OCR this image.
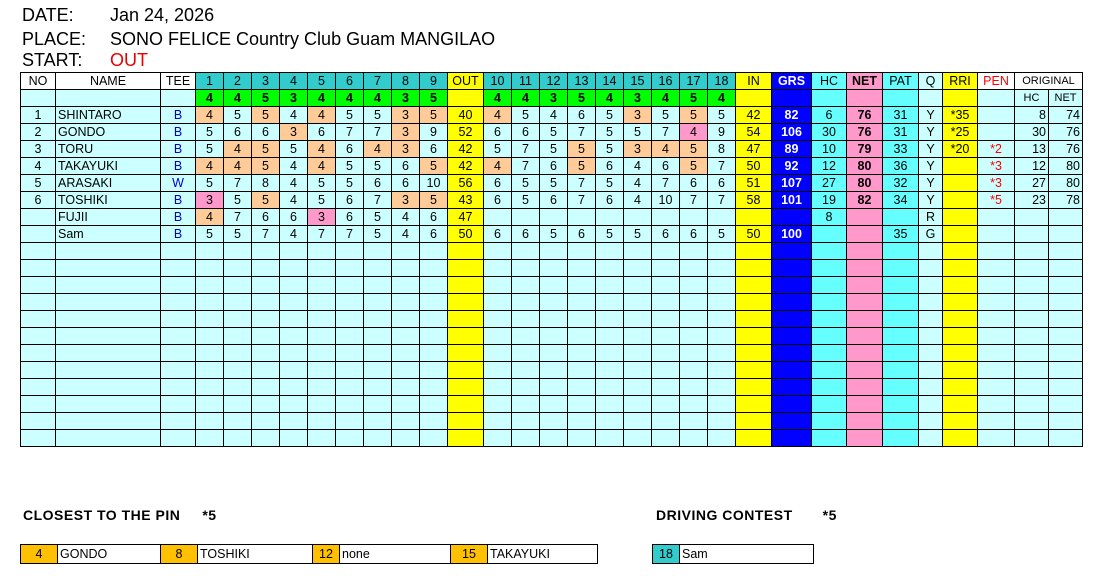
DATE: Jan 24, 2026
PLACE: SONO FELICE Country Club Guam MANGILAO
START: OUT
NO	NAME	TEE	1	2	3	4	5	6	7	8	9	OUT	10	11	12	13	14	15	16	17	18	IN	GRS	HC	NET	PAT	Q	RRI	PEN	ORIGINAL	
			4	4	5	3	4	4	4	3	5		4	4	3	5	4	3	4	5	4									HC	NET
1	SHINTARO	B	4	5	5	4	4	5	5	3	5	40	4	5	4	6	5	3	5	5	5	42	82	6	76	31	Y	*35		8	74
2	GONDO	B	5	6	6	3	6	7	7	3	9	52	6	6	5	7	5	5	7	4	9	54	106	30	76	31	Y	*25		30	76
3	TORU	B	5	4	5	5	4	6	4	3	6	42	5	7	5	5	5	3	4	5	8	47	89	10	79	33	Y	*20	*2	13	76
4	TAKAYUKI	B	4	4	5	4	4	5	5	6	5	42	4	7	6	5	6	4	6	5	7	50	92	12	80	36	Y		*3	12	80
5	ARASAKI	W	5	7	8	4	5	5	6	6	10	56	6	5	5	7	5	4	7	6	6	51	107	27	80	32	Y		*3	27	80
6	TOSHIKI	B	3	5	5	4	5	6	7	3	5	43	6	5	6	7	6	4	10	7	7	58	101	19	82	34	Y		*5	23	78
	FUJII	B	4	7	6	6	3	6	5	4	6	47												8			R				
	Sam	B	5	5	7	4	7	7	5	4	6	50	6	6	5	6	5	5	6	6	5	50	100			35	G				

CLOSEST TO THE PIN *5	DRIVING CONTEST *5
4	GONDO	8	TOSHIKI	12 none	15	TAKAYUKI	18 Sam
